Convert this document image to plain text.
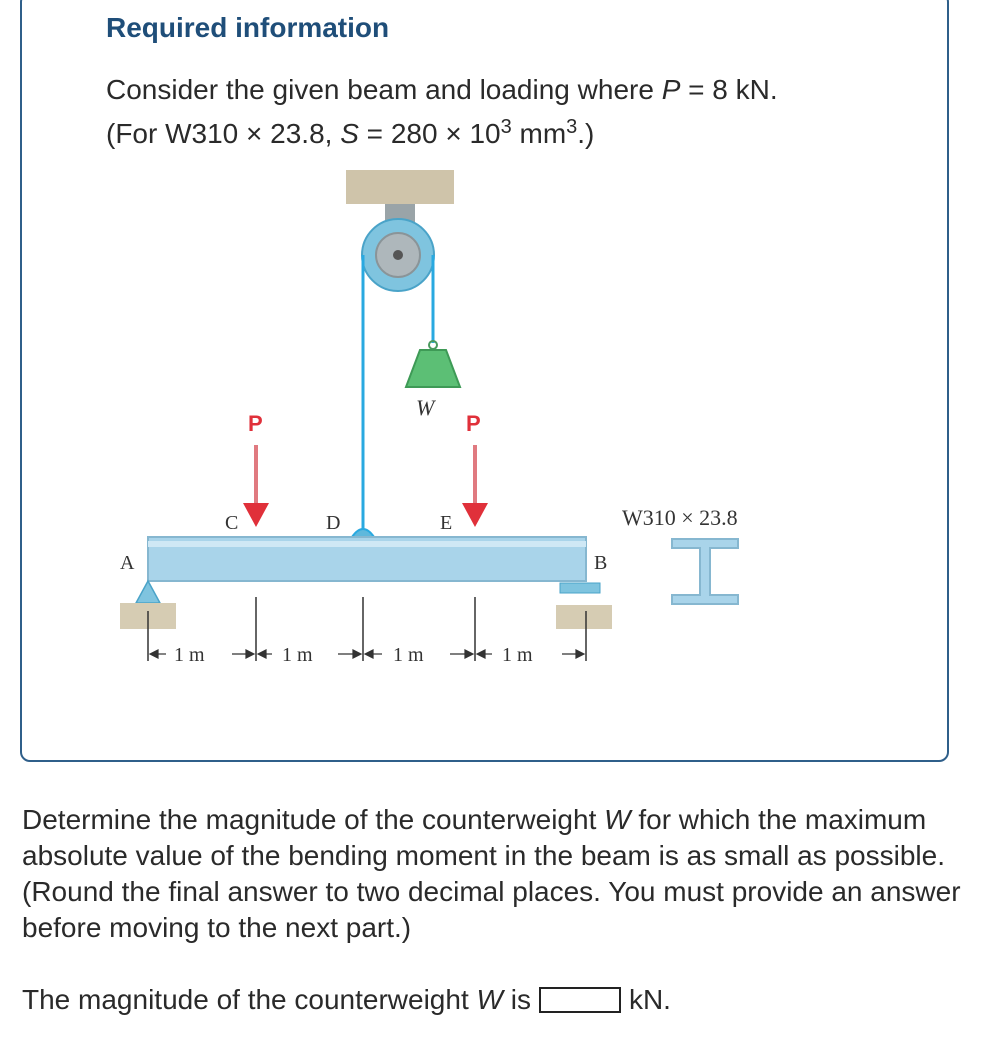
Required information
Consider the given beam and loading where P = 8 kN.
(For W310 × 23.8, $S = 280 \times 10^3$ $mm^3$.)
W
P	P
C	D	E
A	B
1 m	1 m	1 m	1 m
W310 × 23.8
Determine the magnitude of the counterweight W for which the maximum absolute value of the bending moment in the beam is as small as possible. (Round the final answer to two decimal places. You must provide an answer before moving to the next part.)
The magnitude of the counterweight W is	kN.
